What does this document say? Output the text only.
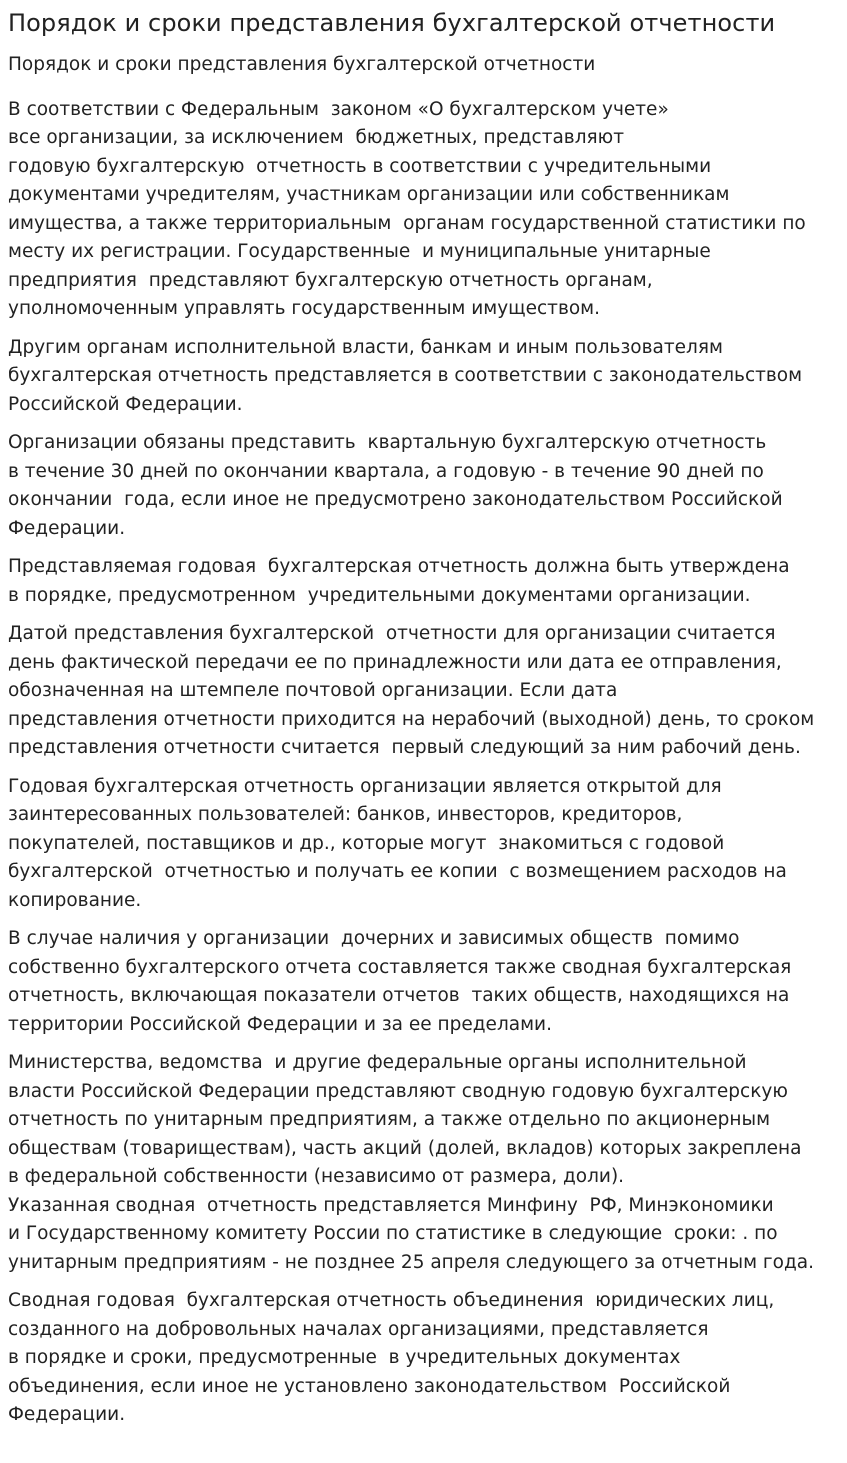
Порядок и сроки представления бухгалтерской отчетности
Порядок и сроки представления бухгалтерской отчетности
В соответствии с Федеральным  законом «О бухгалтерском учете»
все организации, за исключением  бюджетных, представляют
годовую бухгалтерскую  отчетность в соответствии с учредительными
документами учредителям, участникам организации или собственникам
имущества, а также территориальным  органам государственной статистики по
месту их регистрации. Государственные  и муниципальные унитарные
предприятия  представляют бухгалтерскую отчетность органам,
уполномоченным управлять государственным имуществом.
Другим органам исполнительной власти, банкам и иным пользователям
бухгалтерская отчетность представляется в соответствии с законодательством
Российской Федерации.
Организации обязаны представить  квартальную бухгалтерскую отчетность
в течение 30 дней по окончании квартала, а годовую - в течение 90 дней по
окончании  года, если иное не предусмотрено законодательством Российской
Федерации.
Представляемая годовая  бухгалтерская отчетность должна быть утверждена
в порядке, предусмотренном  учредительными документами организации.
Датой представления бухгалтерской  отчетности для организации считается
день фактической передачи ее по принадлежности или дата ее отправления,
обозначенная на штемпеле почтовой организации. Если дата
представления отчетности приходится на нерабочий (выходной) день, то сроком
представления отчетности считается  первый следующий за ним рабочий день.
Годовая бухгалтерская отчетность организации является открытой для
заинтересованных пользователей: банков, инвесторов, кредиторов,
покупателей, поставщиков и др., которые могут  знакомиться с годовой
бухгалтерской  отчетностью и получать ее копии  с возмещением расходов на
копирование.
В случае наличия у организации  дочерних и зависимых обществ  помимо
собственно бухгалтерского отчета составляется также сводная бухгалтерская
отчетность, включающая показатели отчетов  таких обществ, находящихся на
территории Российской Федерации и за ее пределами.
Министерства, ведомства  и другие федеральные органы исполнительной
власти Российской Федерации представляют сводную годовую бухгалтерскую
отчетность по унитарным предприятиям, а также отдельно по акционерным
обществам (товариществам), часть акций (долей, вкладов) которых закреплена
в федеральной собственности (независимо от размера, доли).
Указанная сводная  отчетность представляется Минфину  РФ, Минэкономики
и Государственному комитету России по статистике в следующие  сроки: . по
унитарным предприятиям - не позднее 25 апреля следующего за отчетным года.
Сводная годовая  бухгалтерская отчетность объединения  юридических лиц,
созданного на добровольных началах организациями, представляется
в порядке и сроки, предусмотренные  в учредительных документах
объединения, если иное не установлено законодательством  Российской
Федерации.
